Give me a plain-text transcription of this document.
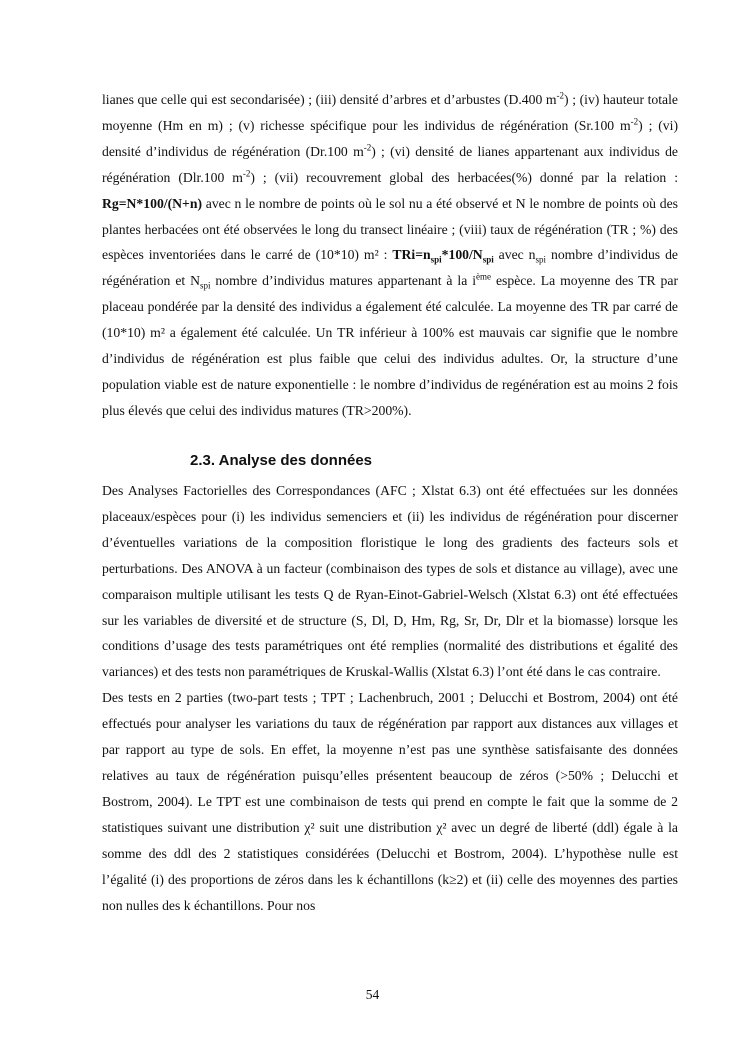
lianes que celle qui est secondarisée) ; (iii) densité d’arbres et d’arbustes (D.400 $m^{-2}$) ; (iv) hauteur totale moyenne (Hm en m) ; (v) richesse spécifique pour les individus de régénération (Sr.100 $m^{-2}$) ; (vi) densité d’individus de régénération (Dr.100 $m^{-2}$) ; (vi) densité de lianes appartenant aux individus de régénération (Dlr.100 $m^{-2}$) ; (vii) recouvrement global des herbacées(%) donné par la relation : Rg=N*100/(N+n) avec n le nombre de points où le sol nu a été observé et N le nombre de points où des plantes herbacées ont été observées le long du transect linéaire ; (viii) taux de régénération (TR ; %) des espèces inventoriées dans le carré de (10*10) m² : $TRi=n_{spi}*100/N_{spi}$ avec $n_{spi}$ nombre d’individus de régénération et $N_{spi}$ nombre d’individus matures appartenant à la $i^{ème}$ espèce. La moyenne des TR par placeau pondérée par la densité des individus a également été calculée. La moyenne des TR par carré de (10*10) m² a également été calculée. Un TR inférieur à 100% est mauvais car signifie que le nombre d’individus de régénération est plus faible que celui des individus adultes. Or, la structure d’une population viable est de nature exponentielle : le nombre d’individus de regénération est au moins 2 fois plus élevés que celui des individus matures (TR>200%).

2.3. Analyse des données

Des Analyses Factorielles des Correspondances (AFC ; Xlstat 6.3) ont été effectuées sur les données placeaux/espèces pour (i) les individus semenciers et (ii) les individus de régénération pour discerner d’éventuelles variations de la composition floristique le long des gradients des facteurs sols et perturbations. Des ANOVA à un facteur (combinaison des types de sols et distance au village), avec une comparaison multiple utilisant les tests Q de Ryan-Einot-Gabriel-Welsch (Xlstat 6.3) ont été effectuées sur les variables de diversité et de structure (S, Dl, D, Hm, Rg, Sr, Dr, Dlr et la biomasse) lorsque les conditions d’usage des tests paramétriques ont été remplies (normalité des distributions et égalité des variances) et des tests non paramétriques de Kruskal-Wallis (Xlstat 6.3) l’ont été dans le cas contraire.

Des tests en 2 parties (two-part tests ; TPT ; Lachenbruch, 2001 ; Delucchi et Bostrom, 2004) ont été effectués pour analyser les variations du taux de régénération par rapport aux distances aux villages et par rapport au type de sols. En effet, la moyenne n’est pas une synthèse satisfaisante des données relatives au taux de régénération puisqu’elles présentent beaucoup de zéros (>50% ; Delucchi et Bostrom, 2004). Le TPT est une combinaison de tests qui prend en compte le fait que la somme de 2 statistiques suivant une distribution χ² suit une distribution χ² avec un degré de liberté (ddl) égale à la somme des ddl des 2 statistiques considérées (Delucchi et Bostrom, 2004). L’hypothèse nulle est l’égalité (i) des proportions de zéros dans les k échantillons (k≥2) et (ii) celle des moyennes des parties non nulles des k échantillons. Pour nos

54
